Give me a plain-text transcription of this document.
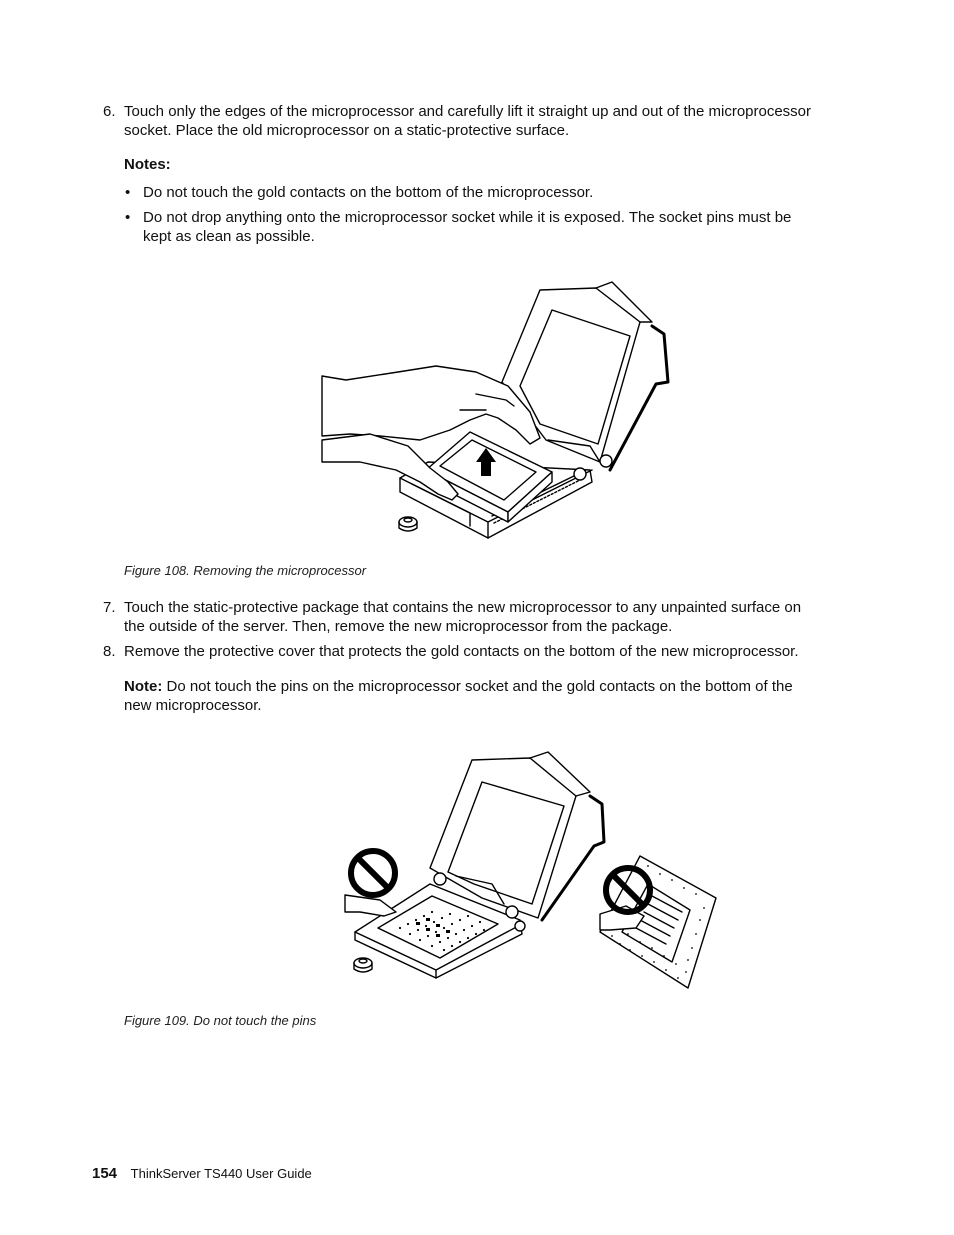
6. Touch only the edges of the microprocessor and carefully lift it straight up and out of the microprocessor
socket. Place the old microprocessor on a static-protective surface.
Notes:
• Do not touch the gold contacts on the bottom of the microprocessor.
• Do not drop anything onto the microprocessor socket while it is exposed. The socket pins must be
kept as clean as possible.
Figure 108. Removing the microprocessor
7. Touch the static-protective package that contains the new microprocessor to any unpainted surface on
the outside of the server. Then, remove the new microprocessor from the package.
8. Remove the protective cover that protects the gold contacts on the bottom of the new microprocessor.
Note: Do not touch the pins on the microprocessor socket and the gold contacts on the bottom of the
new microprocessor.
Figure 109. Do not touch the pins
154 ThinkServer TS440 User Guide
